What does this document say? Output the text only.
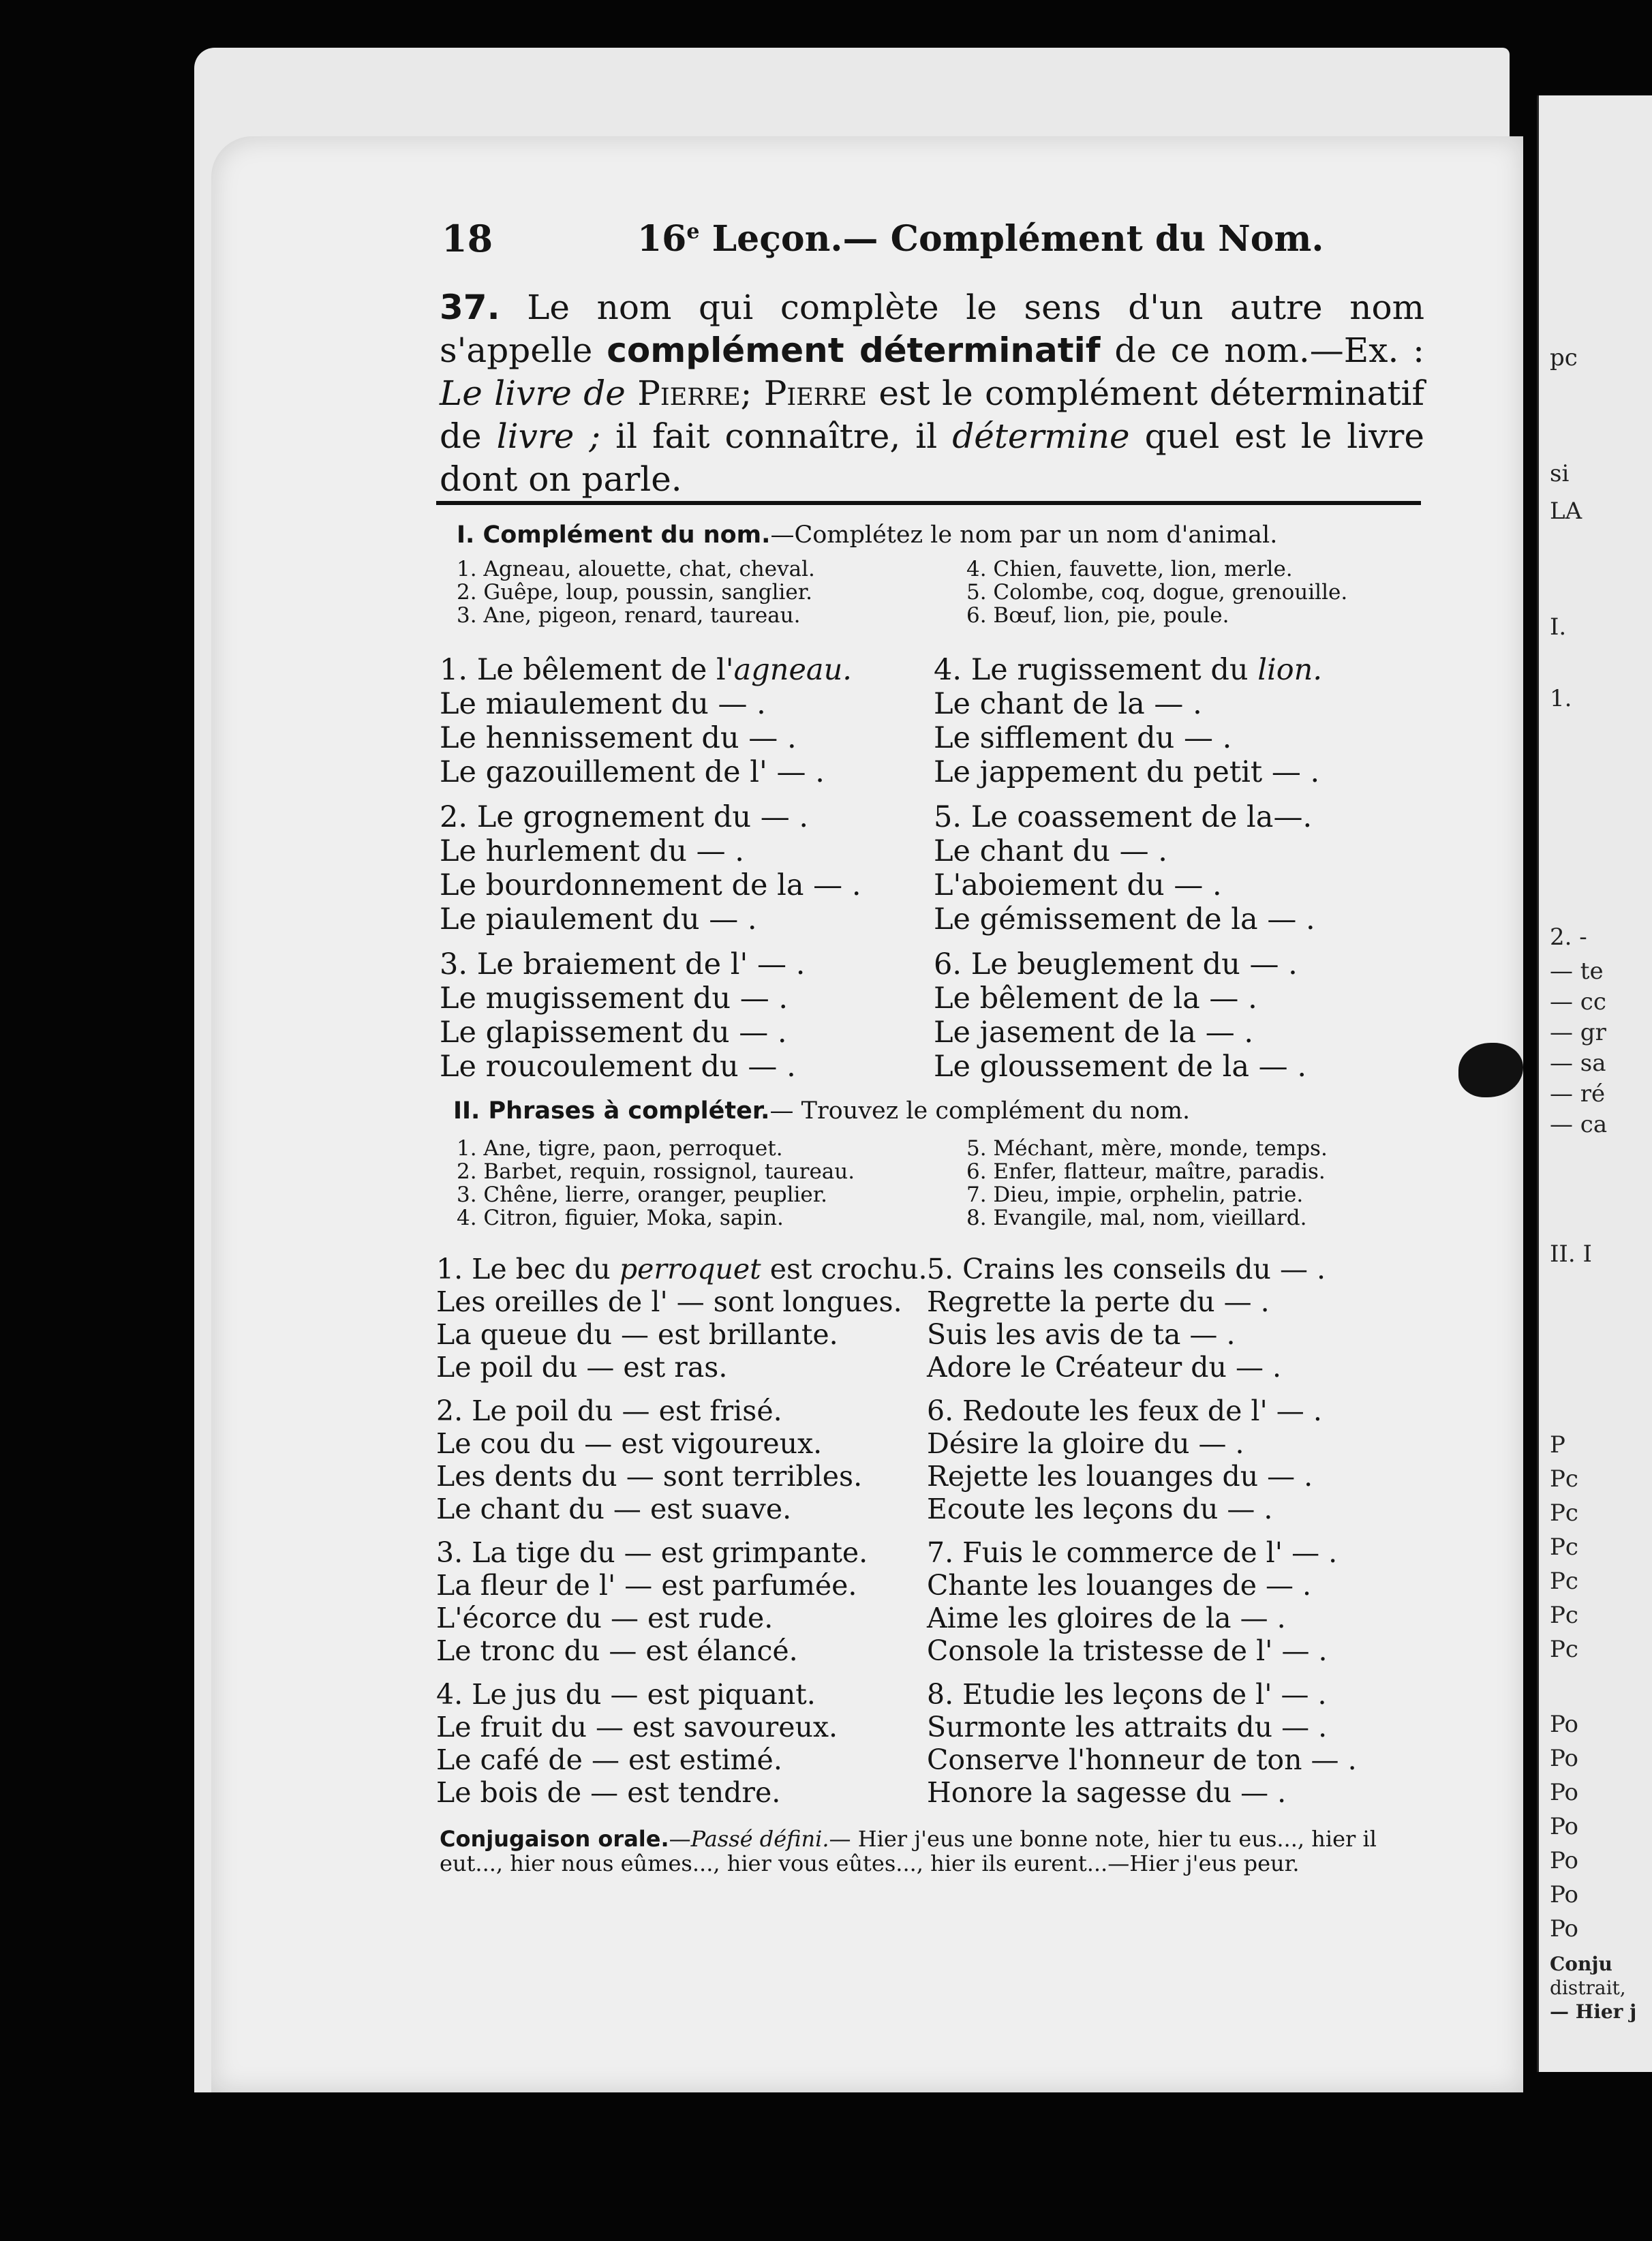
pc
si
LA
I.
1.
2. -
— te
— cc
— gr
— sa
— ré
— ca
II. I
P
Pc
Pc
Pc
Pc
Pc
Pc
Po
Po
Po
Po
Po
Po
Po
Conju
distrait,
— Hier j
18	16e Leçon.— Complément du Nom.
37. Le nom qui complète le sens d'un autre nom s'appelle complément déterminatif de ce nom.—Ex. : Le livre de Pierre; Pierre est le complément déterminatif de livre ; il fait connaître, il détermine quel est le livre dont on parle.
I. Complément du nom.—Complétez le nom par un nom d'animal.
1. Agneau, alouette, chat, cheval.
2. Guêpe, loup, poussin, sanglier.
3. Ane, pigeon, renard, taureau.
4. Chien, fauvette, lion, merle.
5. Colombe, coq, dogue, grenouille.
6. Bœuf, lion, pie, poule.
1. Le bêlement de l'agneau.
Le miaulement du — .
Le hennissement du — .
Le gazouillement de l' — .
2. Le grognement du — .
Le hurlement du — .
Le bourdonnement de la — .
Le piaulement du — .
3. Le braiement de l' — .
Le mugissement du — .
Le glapissement du — .
Le roucoulement du — .
4. Le rugissement du lion.
Le chant de la — .
Le sifflement du — .
Le jappement du petit — .
5. Le coassement de la—.
Le chant du — .
L'aboiement du — .
Le gémissement de la — .
6. Le beuglement du — .
Le bêlement de la — .
Le jasement de la — .
Le gloussement de la — .
II. Phrases à compléter.— Trouvez le complément du nom.
1. Ane, tigre, paon, perroquet.
2. Barbet, requin, rossignol, taureau.
3. Chêne, lierre, oranger, peuplier.
4. Citron, figuier, Moka, sapin.
5. Méchant, mère, monde, temps.
6. Enfer, flatteur, maître, paradis.
7. Dieu, impie, orphelin, patrie.
8. Evangile, mal, nom, vieillard.
1. Le bec du perroquet est crochu.
Les oreilles de l' — sont longues.
La queue du — est brillante.
Le poil du — est ras.
2. Le poil du — est frisé.
Le cou du — est vigoureux.
Les dents du — sont terribles.
Le chant du — est suave.
3. La tige du — est grimpante.
La fleur de l' — est parfumée.
L'écorce du — est rude.
Le tronc du — est élancé.
4. Le jus du — est piquant.
Le fruit du — est savoureux.
Le café de — est estimé.
Le bois de — est tendre.
5. Crains les conseils du — .
Regrette la perte du — .
Suis les avis de ta — .
Adore le Créateur du — .
6. Redoute les feux de l' — .
Désire la gloire du — .
Rejette les louanges du — .
Ecoute les leçons du — .
7. Fuis le commerce de l' — .
Chante les louanges de — .
Aime les gloires de la — .
Console la tristesse de l' — .
8. Etudie les leçons de l' — .
Surmonte les attraits du — .
Conserve l'honneur de ton — .
Honore la sagesse du — .
Conjugaison orale.—Passé défini.— Hier j'eus une bonne note, hier tu eus..., hier il eut..., hier nous eûmes..., hier vous eûtes..., hier ils eurent...—Hier j'eus peur.
